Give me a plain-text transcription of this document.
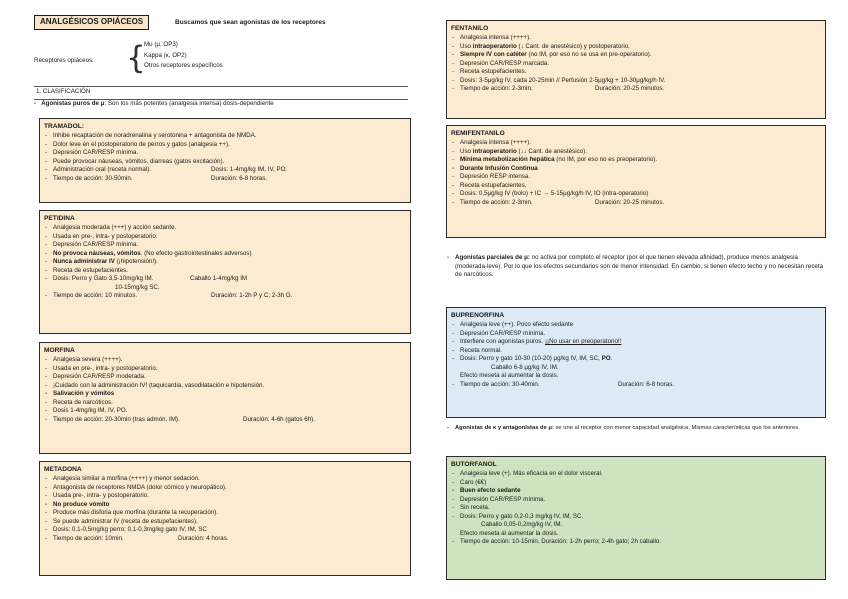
ANALGÉSICOS OPIÁCEOS	Buscamos que sean agonistas de los receptores
Receptores opiáceos: {
Mu (μ, OP3)
Kappa (ĸ, OP2)
Otros receptores específicos
1. CLASIFICACIÓN
-   Agonistas puros de μ: Son los más potentes (analgesia intensa) dosis-dependiente
TRAMADOL:
- Inhibe recaptación de noradrenalina y serotonina + antagonista de NMDA.
- Dolor leve en el postoperatorio de perros y gatos (analgesia ++).
- Depresión CAR/RESP mínima.
- Puede provocar náuseas, vómitos, diarreas (gatos excitación).
- Administración oral (receta normal).	Dosis: 1-4mg/kg IM, IV, PO.
- Tiempo de acción: 30-50min.	Duración: 6-8 horas.
PETIDINA
- Analgesia moderada (+++) y acción sedante.
- Usada en pre-, intra- y postoperatorio.
- Depresión CAR/RESP mínima.
- No provoca náuseas, vómitos. (No efecto gastrointestinales adversos).
- Nunca administrar IV (¡hipotensión!).
- Receta de estupefacientes.
- Dosis: Perro y Gato 3,5-10mg/kg IM.	Caballo 1-4mg/kg IM
10-15mg/kg SC.
- Tiempo de acción: 10 minutos.	Duración: 1-2h P y C; 2-3h G.
MORFINA
- Analgesia severa (++++).
- Usada en pre-, intra- y postoperatorio.
- Depresión CAR/RESP moderada.
- ¡Cuidado con la administración IV! (taquicardia, vasodilatación e hipotensión.
- Salivación y vómitos
- Receta de narcóticos.
- Dosis 1-4mg/kg IM, IV, PO.
- Tiempo de acción: 20-30min (tras admón. IM).	Duración: 4-6h (gatos 6h).
METADONA
- Analgesia similar a morfina (++++) y menor sedación.
- Antagonista de receptores NMDA (dolor córnico y neuropático).
- Usada pre-, intra- y postoperatorio.
- No produce vómito
- Produce más disforia que morfina (durante la recuperación).
- Se puede administrar IV (receta de estupefacientes).
- Dosis: 0,1-0,5mg/kg perro; 0,1-0,3mg/kg gato IV, IM, SC
- Tiempo de acción: 10min.	Duración: 4 horas.
FENTANILO
- Analgesia intensa (++++).
- Uso intraoperatorio (↓ Cant. de anestésico) y postoperatorio.
- Siempre IV con catéter (no IM, por eso no se usa en pre-operatorio).
- Depresión CAR/RESP marcada.
- Receta estupefacientes.
- Dosis: 3-5μg/kg IV, cada 20-25min // Perfusión 2-5μg/kg + 10-30μg/kg/h IV.
- Tiempo de acción: 2-3min.	Duración: 20-25 minutos.
REMIFENTANILO
- Analgesia intensa (++++).
- Uso intraoperatorio (↓↓ Cant. de anestésico).
- Mínima metabolización hepática (no IM, por eso no es preoperatorio).
- Durante Infusión Continua
- Depresión RESP intensa.
- Receta estupefacientes.
- Dosis: 0,5μg/kg IV (bolo) + IC → 5-15μg/kg/h IV, IO (intra-operatorio)
- Tiempo de acción: 2-3min.	Duración: 20-25 minutos.
- Agonistas parciales de μ: no activa por completo el receptor (por el que tienen elevada afinidad), produce menos analgesia (moderada-leve). Por lo que los efectos secundarios son de menor intensidad. En cambio, si tienen efecto techo y no necesitan receta de narcóticos.
BUPRENORFINA
- Analgesia leve (++). Poco efecto sedante
- Depresión CAR/RESP mínima.
- Interfiere con agonistas puros. ¡¡No usar en preoperatorio!!
- Receta normal.
- Dosis: Perro y gato 10-30 (10-20) μg/kg IV, IM, SC, PO.
Caballo 6-8 μg/kg IV, IM.
Efecto meseta al aumentar la dosis.
- Tiempo de acción: 30-40min.	Duración: 6-8 horas.
- Agonistas de κ y antagonistas de μ: se une al receptor con menor capacidad analgésica. Mismas características que los anteriores.
BUTORFANOL
- Analgesia leve (+). Más eficacia en el dolor visceral.
- Caro (€€)
- Buen efecto sedante
- Depresión CAR/RESP mínima.
- Sin receta.
- Dosis: Perro y gato 0,2-0,3 mg/kg IV, IM, SC.
Caballo 0,05-0,2mg/kg IV, IM.
Efecto meseta al aumentar la dosis.
- Tiempo de acción: 10-15min. Duración: 1-2h perro; 2-4h gato; 2h caballo.
